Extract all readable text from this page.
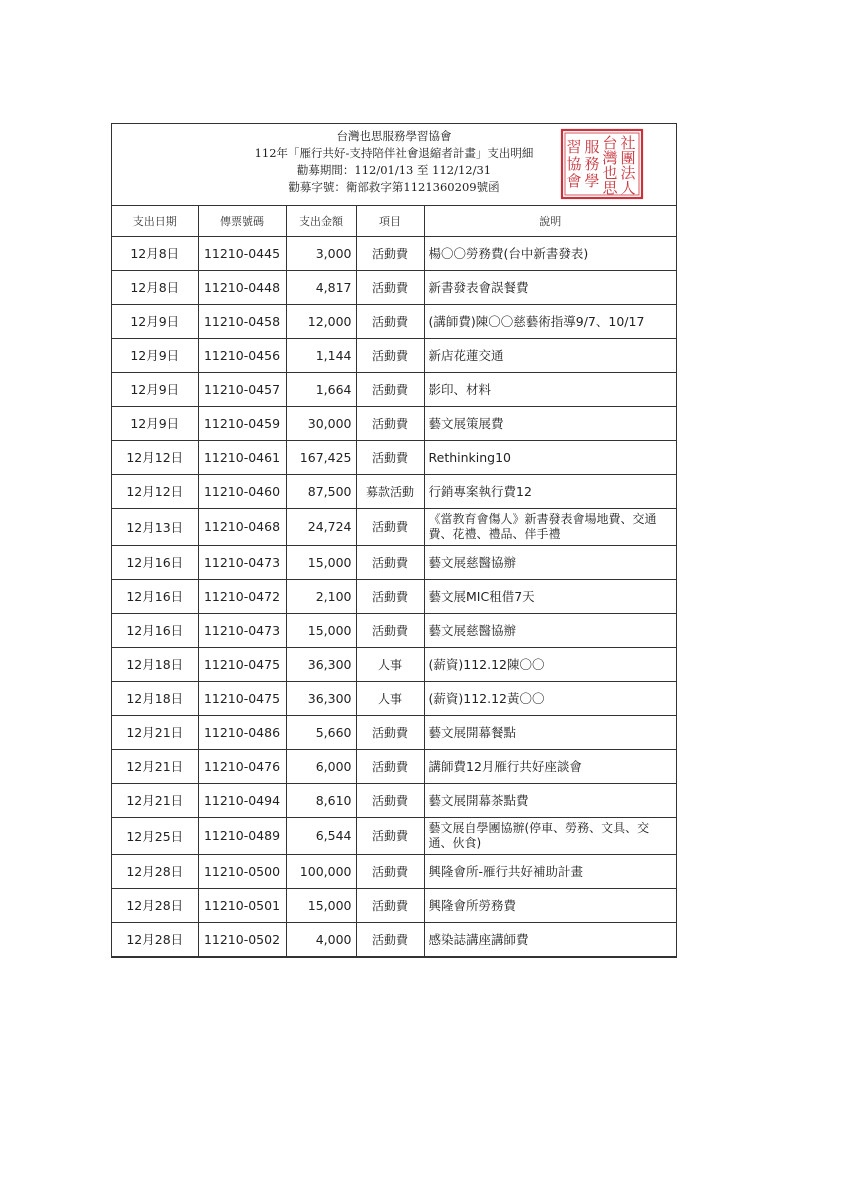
台灣也思服務學習協會
112年「雁行共好-支持陪伴社會退縮者計畫」支出明細
勸募期間：112/01/13 至 112/12/31
勸募字號：衛部救字第1121360209號函
社
團
法
人
台
灣
也
思
服
務
學
習
協
會
支出日期	傳票號碼	支出金額	項目	說明
12月8日	11210-0445	3,000	活動費	楊〇〇勞務費(台中新書發表)
12月8日	11210-0448	4,817	活動費	新書發表會誤餐費
12月9日	11210-0458	12,000	活動費	(講師費)陳〇〇慈藝術指導9/7、10/17
12月9日	11210-0456	1,144	活動費	新店花蓮交通
12月9日	11210-0457	1,664	活動費	影印、材料
12月9日	11210-0459	30,000	活動費	藝文展策展費
12月12日	11210-0461	167,425	活動費	Rethinking10
12月12日	11210-0460	87,500	募款活動	行銷專案執行費12
12月13日	11210-0468	24,724	活動費	《當教育會傷人》新書發表會場地費、交通費、花禮、禮品、伴手禮
12月16日	11210-0473	15,000	活動費	藝文展慈醫協辦
12月16日	11210-0472	2,100	活動費	藝文展MIC租借7天
12月16日	11210-0473	15,000	活動費	藝文展慈醫協辦
12月18日	11210-0475	36,300	人事	(薪資)112.12陳〇〇
12月18日	11210-0475	36,300	人事	(薪資)112.12黃〇〇
12月21日	11210-0486	5,660	活動費	藝文展開幕餐點
12月21日	11210-0476	6,000	活動費	講師費12月雁行共好座談會
12月21日	11210-0494	8,610	活動費	藝文展開幕茶點費
12月25日	11210-0489	6,544	活動費	藝文展自學團協辦(停車、勞務、文具、交通、伙食)
12月28日	11210-0500	100,000	活動費	興隆會所-雁行共好補助計畫
12月28日	11210-0501	15,000	活動費	興隆會所勞務費
12月28日	11210-0502	4,000	活動費	感染誌講座講師費
